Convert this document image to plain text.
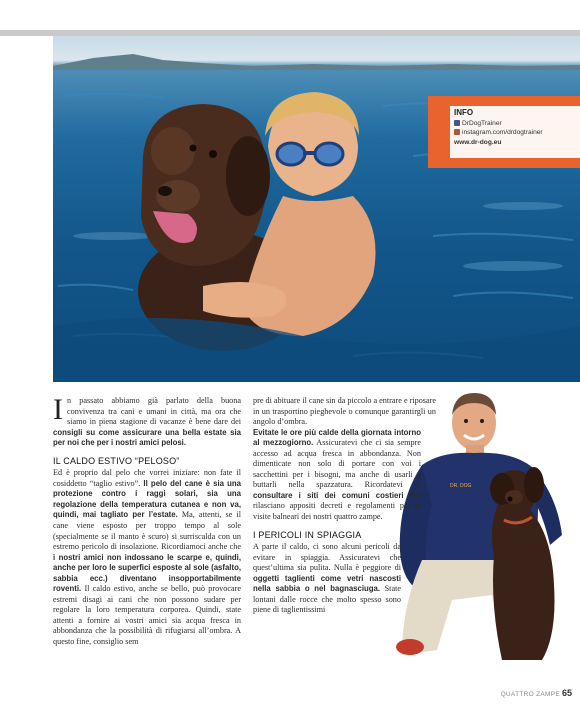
INFO
DrDogTrainer
instagram.com/drdogtrainer
www.dr-dog.eu

In passato abbiamo già parlato della buona convivenza tra cani e umani in città, ma ora che siamo in piena stagione di vacanze è bene dare dei consigli su come assicurare una bella estate sia per noi che per i nostri amici pelosi.

IL CALDO ESTIVO “PELOSO”

Ed è proprio dal pelo che vorrei iniziare: non fate il cosiddetto “taglio estivo”. Il pelo del cane è sia una protezione contro i raggi solari, sia una regolazione della temperatura cutanea e non va, quindi, mai tagliato per l’estate. Ma, attenti, se il cane viene esposto per troppo tempo al sole (specialmente se il manto è scuro) si surriscalda con un estremo pericolo di insolazione. Ricordiamoci anche che i nostri amici non indossano le scarpe e, quindi, anche per loro le superfici esposte al sole (asfalto, sabbia ecc.) diventano insopportabilmente roventi. Il caldo estivo, anche se bello, può provocare estremi disagi ai cani che non possono sudare per regolare la loro temperatura corporea. Quindi, state attenti a fornire ai vostri amici sia acqua fresca in abbondanza che la possibilità di rifugiarsi all’ombra. A questo fine, consiglio sem

DR. DOG

pre di abituare il cane sin da piccolo a entrare e riposare in un trasportino pieghevole o comunque garantirgli un angolo d’ombra.

Evitate le ore più calde della giornata intorno al mezzogiorno. Assicuratevi che ci sia sempre accesso ad acqua fresca in abbondanza. Non dimenticate non solo di portare con voi i sacchettini per i bisogni, ma anche di usarli e buttarli nella spazzatura. Ricordatevi di consultare i siti dei comuni costieri che rilasciano appositi decreti e regolamenti per le visite balneari dei nostri quattro zampe.

I PERICOLI IN SPIAGGIA

A parte il caldo, ci sono alcuni pericoli da evitare in spiaggia. Assicuratevi che quest’ultima sia pulita. Nulla è peggiore di oggetti taglienti come vetri nascosti nella sabbia o nel bagnasciuga. State lontani dalle rocce che molto spesso sono piene di taglientissimi

QUATTRO ZAMPE 65
